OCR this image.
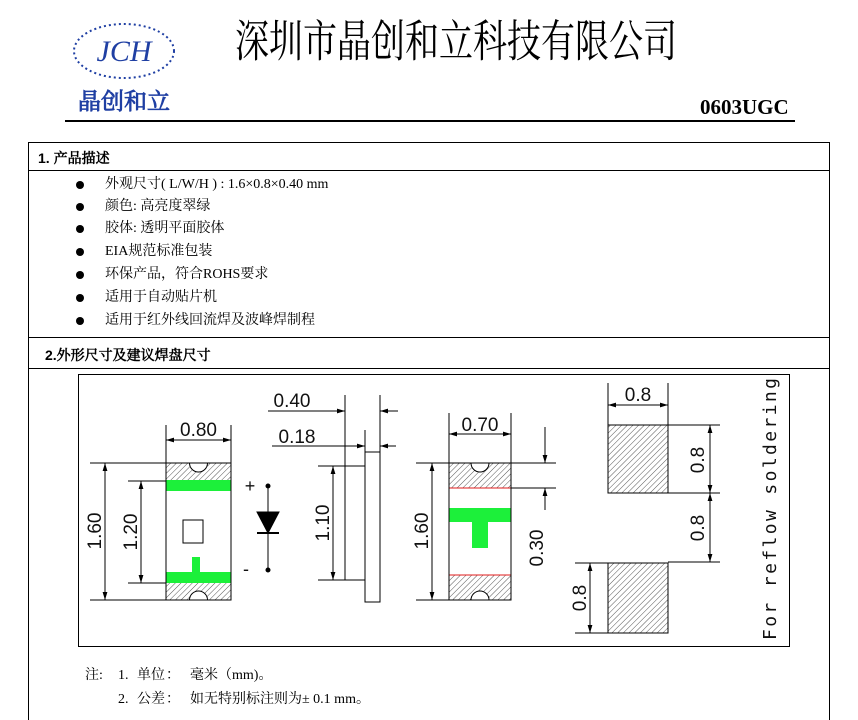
JCH
晶创和立
深圳市晶创和立科技有限公司
0603UGC
1. 产品描述
外观尺寸( L/W/H ) : 1.6×0.8×0.40 mm
颜色: 高亮度翠绿
胶体: 透明平面胶体
EIA规范标准包装
环保产品，符合ROHS要求
适用于自动贴片机
适用于红外线回流焊及波峰焊制程
2.外形尺寸及建议焊盘尺寸
0.80
1.60 1.20
+
-
0.40
0.18
1.10
0.70
1.60	0.30
0.8
0.8
0.8
0.8
For reflow soldering
注: 1. 单位 ： 毫米（mm)。
2. 公差 ： 如无特别标注则为± 0.1 mm。
